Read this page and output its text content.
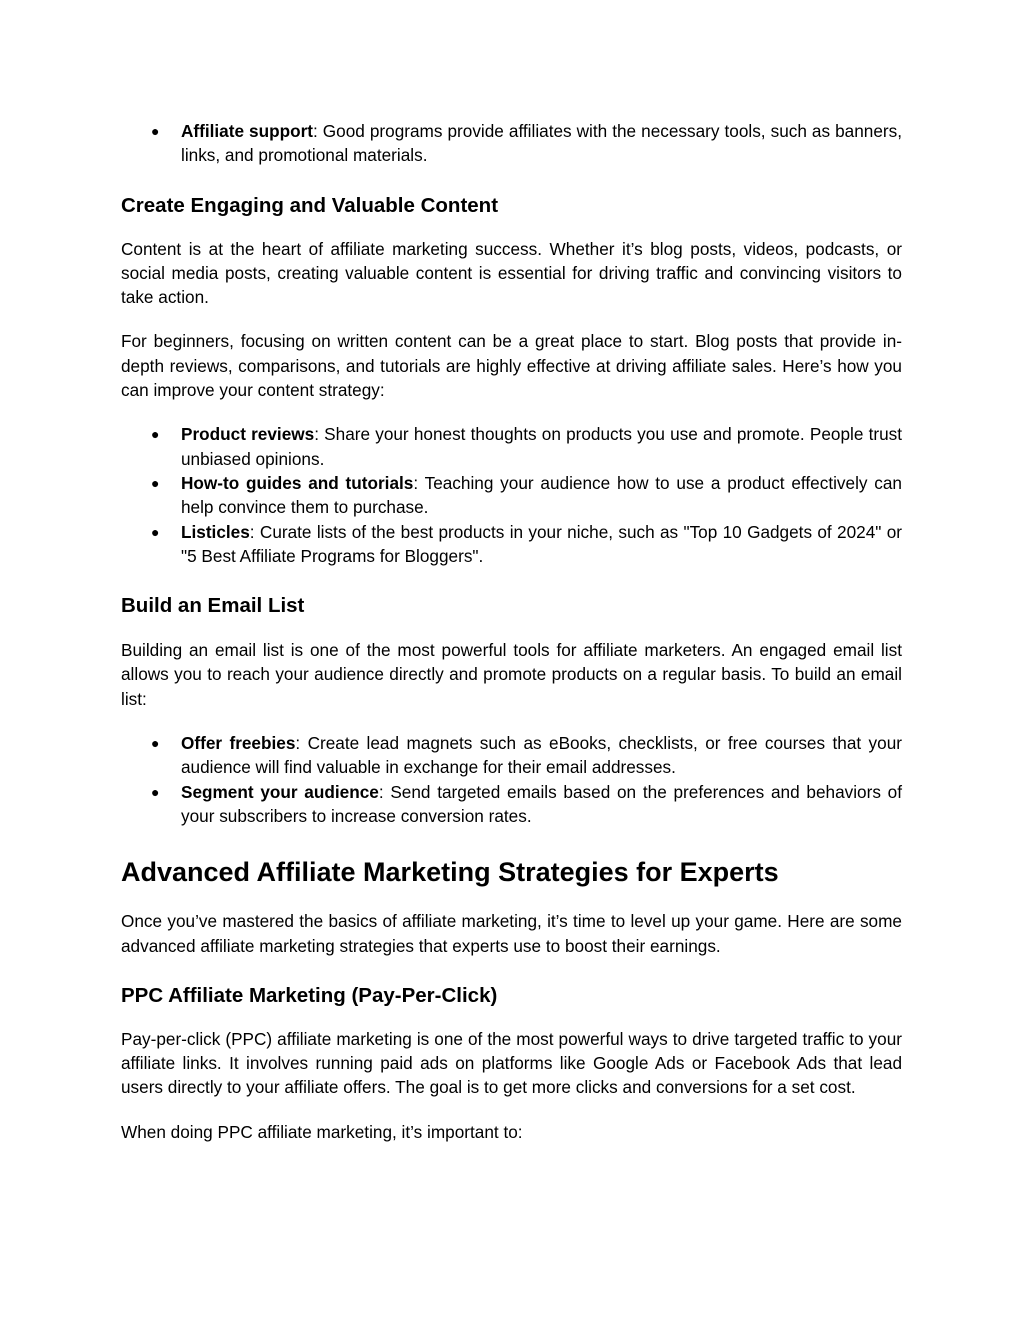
● Affiliate support: Good programs provide affiliates with the necessary tools, such as banners, links, and promotional materials.
Create Engaging and Valuable Content

Content is at the heart of affiliate marketing success. Whether it’s blog posts, videos, podcasts, or social media posts, creating valuable content is essential for driving traffic and convincing visitors to take action.

For beginners, focusing on written content can be a great place to start. Blog posts that provide in-depth reviews, comparisons, and tutorials are highly effective at driving affiliate sales. Here’s how you can improve your content strategy:

● Product reviews: Share your honest thoughts on products you use and promote. People trust unbiased opinions.
● How-to guides and tutorials: Teaching your audience how to use a product effectively can help convince them to purchase.
● Listicles: Curate lists of the best products in your niche, such as "Top 10 Gadgets of 2024" or "5 Best Affiliate Programs for Bloggers".
Build an Email List

Building an email list is one of the most powerful tools for affiliate marketers. An engaged email list allows you to reach your audience directly and promote products on a regular basis. To build an email list:

● Offer freebies: Create lead magnets such as eBooks, checklists, or free courses that your audience will find valuable in exchange for their email addresses.
● Segment your audience: Send targeted emails based on the preferences and behaviors of your subscribers to increase conversion rates.
Advanced Affiliate Marketing Strategies for Experts

Once you’ve mastered the basics of affiliate marketing, it’s time to level up your game. Here are some advanced affiliate marketing strategies that experts use to boost their earnings.

PPC Affiliate Marketing (Pay-Per-Click)

Pay-per-click (PPC) affiliate marketing is one of the most powerful ways to drive targeted traffic to your affiliate links. It involves running paid ads on platforms like Google Ads or Facebook Ads that lead users directly to your affiliate offers. The goal is to get more clicks and conversions for a set cost.

When doing PPC affiliate marketing, it’s important to:
